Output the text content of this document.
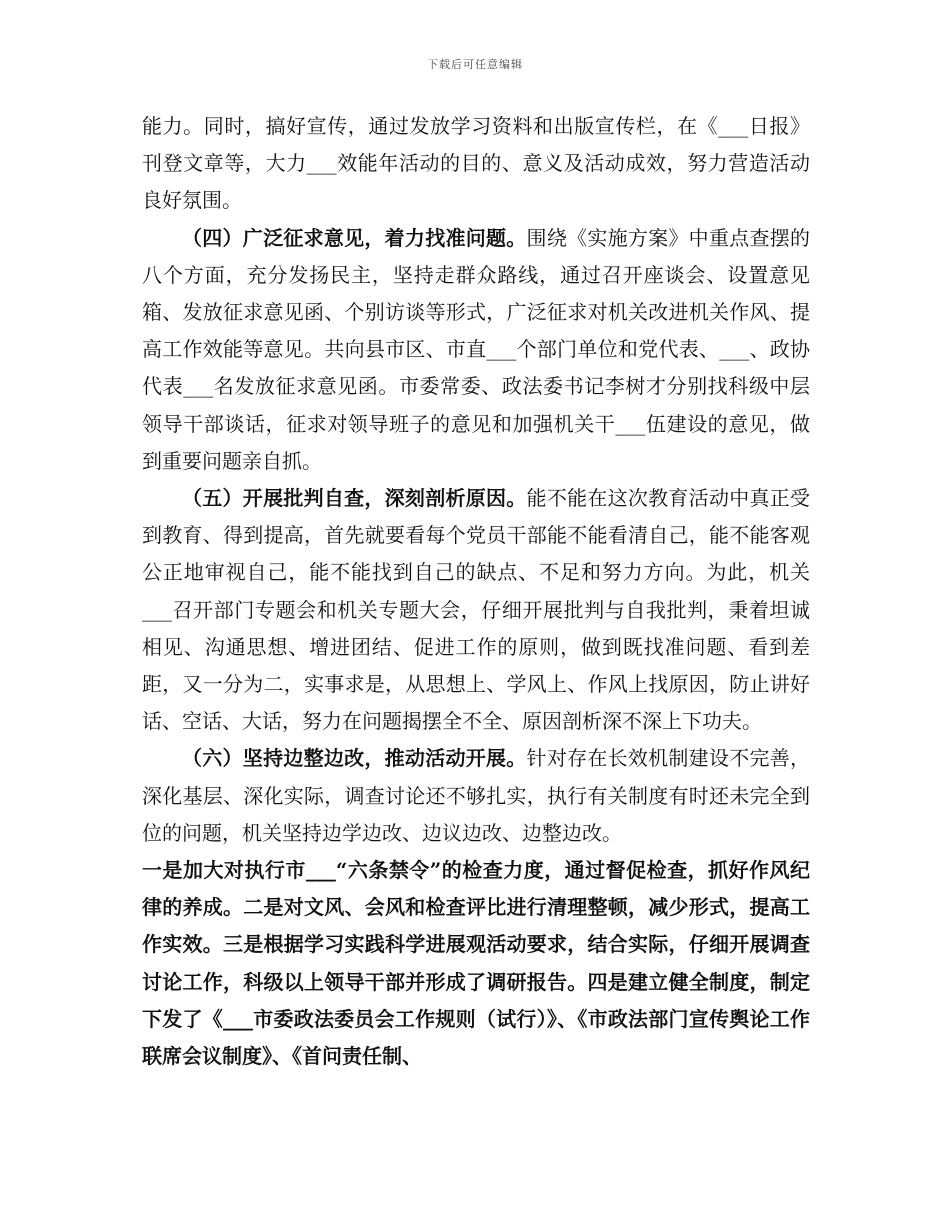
下载后可任意编辑

能力。同时，搞好宣传，通过发放学习资料和出版宣传栏，在《___日报》刊登文章等，大力___效能年活动的目的、意义及活动成效，努力营造活动良好氛围。

（四）广泛征求意见，着力找准问题。围绕《实施方案》中重点查摆的八个方面，充分发扬民主，坚持走群众路线，通过召开座谈会、设置意见箱、发放征求意见函、个别访谈等形式，广泛征求对机关改进机关作风、提高工作效能等意见。共向县市区、市直___个部门单位和党代表、___、政协代表___名发放征求意见函。市委常委、政法委书记李树才分别找科级中层领导干部谈话，征求对领导班子的意见和加强机关干___伍建设的意见，做到重要问题亲自抓。

（五）开展批判自查，深刻剖析原因。能不能在这次教育活动中真正受到教育、得到提高，首先就要看每个党员干部能不能看清自己，能不能客观公正地审视自己，能不能找到自己的缺点、不足和努力方向。为此，机关___召开部门专题会和机关专题大会，仔细开展批判与自我批判，秉着坦诚相见、沟通思想、增进团结、促进工作的原则，做到既找准问题、看到差距，又一分为二，实事求是，从思想上、学风上、作风上找原因，防止讲好话、空话、大话，努力在问题揭摆全不全、原因剖析深不深上下功夫。

（六）坚持边整边改，推动活动开展。针对存在长效机制建设不完善，深化基层、深化实际，调查讨论还不够扎实，执行有关制度有时还未完全到位的问题，机关坚持边学边改、边议边改、边整边改。

一是加大对执行市___“六条禁令”的检查力度，通过督促检查，抓好作风纪律的养成。二是对文风、会风和检查评比进行清理整顿，减少形式，提高工作实效。三是根据学习实践科学进展观活动要求，结合实际，仔细开展调查讨论工作，科级以上领导干部并形成了调研报告。四是建立健全制度，制定下发了《___市委政法委员会工作规则（试行）》、《市政法部门宣传舆论工作联席会议制度》、《首问责任制、
